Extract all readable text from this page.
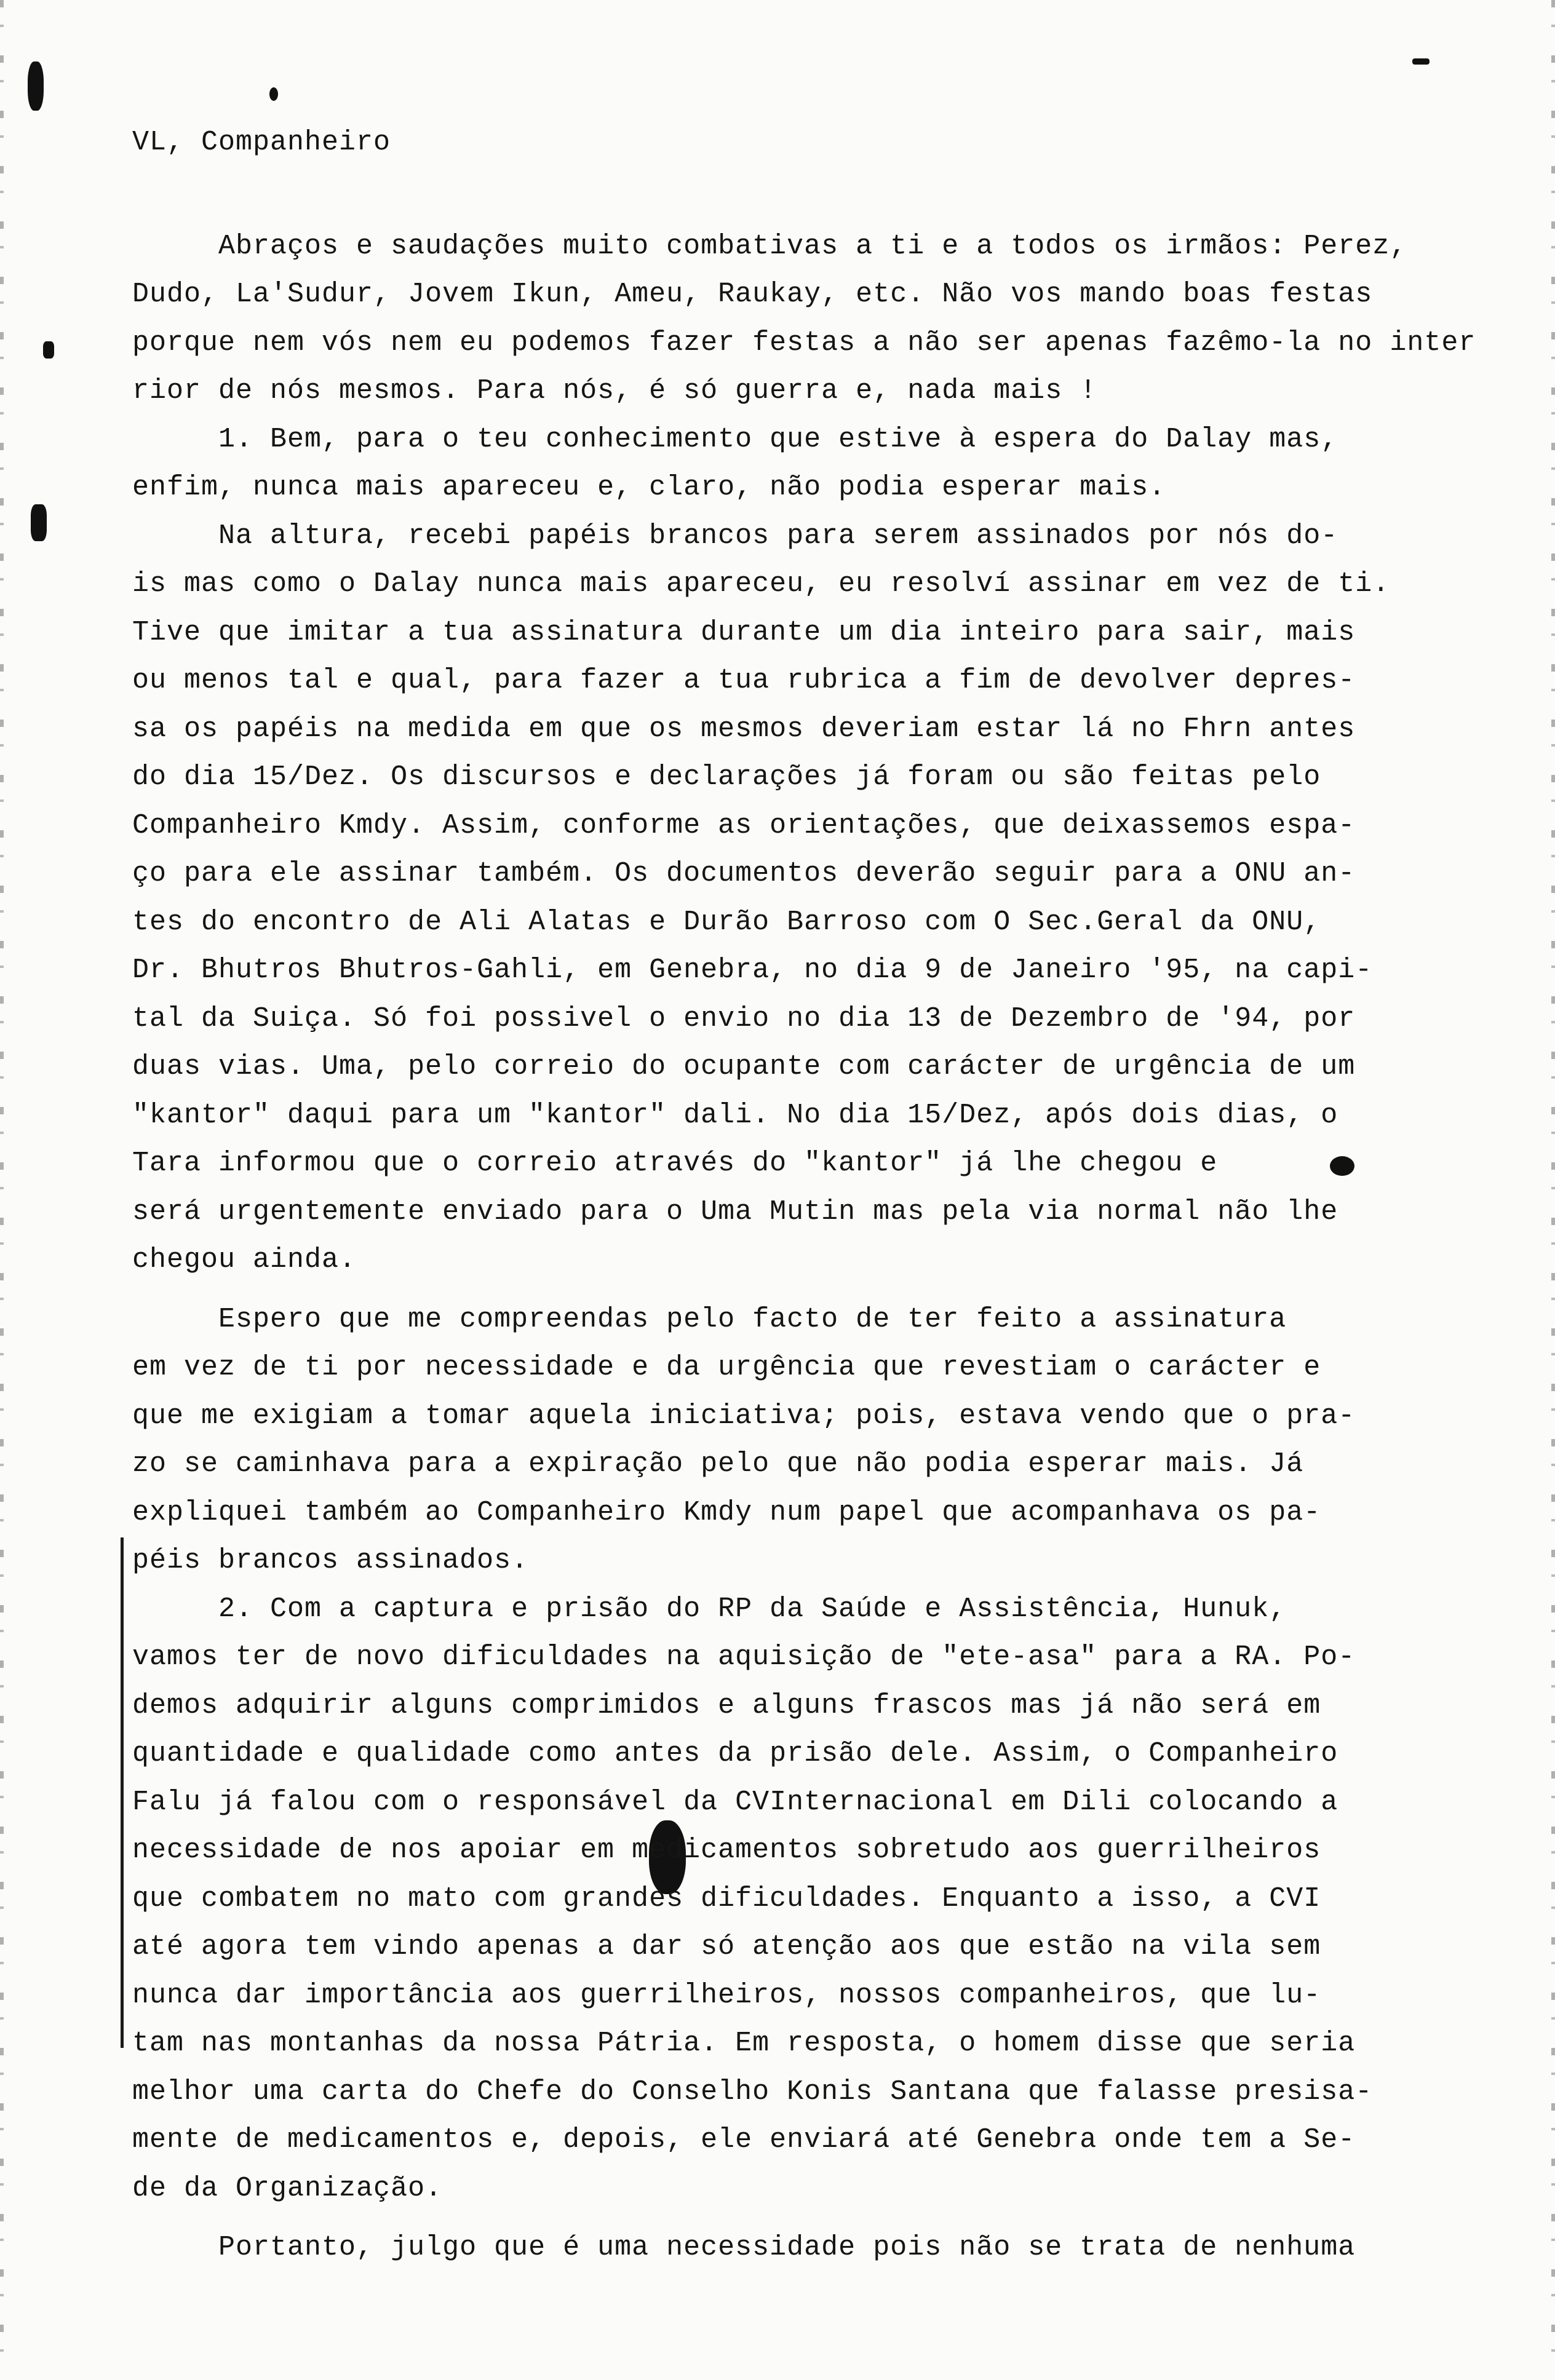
VL, Companheiro
Abraços e saudações muito combativas a ti e a todos os irmãos: Perez,
Dudo, La'Sudur, Jovem Ikun, Ameu, Raukay, etc. Não vos mando boas festas
porque nem vós nem eu podemos fazer festas a não ser apenas fazêmo-la no inter
rior de nós mesmos. Para nós, é só guerra e, nada mais !
1. Bem, para o teu conhecimento que estive à espera do Dalay mas,
enfim, nunca mais apareceu e, claro, não podia esperar mais.
Na altura, recebi papéis brancos para serem assinados por nós do-
is mas como o Dalay nunca mais apareceu, eu resolví assinar em vez de ti.
Tive que imitar a tua assinatura durante um dia inteiro para sair, mais
ou menos tal e qual, para fazer a tua rubrica a fim de devolver depres-
sa os papéis na medida em que os mesmos deveriam estar lá no Fhrn antes
do dia 15/Dez. Os discursos e declarações já foram ou são feitas pelo
Companheiro Kmdy. Assim, conforme as orientações, que deixassemos espa-
ço para ele assinar também. Os documentos deverão seguir para a ONU an-
tes do encontro de Ali Alatas e Durão Barroso com O Sec.Geral da ONU,
Dr. Bhutros Bhutros-Gahli, em Genebra, no dia 9 de Janeiro '95, na capi-
tal da Suiça. Só foi possivel o envio no dia 13 de Dezembro de '94, por
duas vias. Uma, pelo correio do ocupante com carácter de urgência de um
"kantor" daqui para um "kantor" dali. No dia 15/Dez, após dois dias, o
Tara informou que o correio através do "kantor" já lhe chegou e
será urgentemente enviado para o Uma Mutin mas pela via normal não lhe
chegou ainda.
Espero que me compreendas pelo facto de ter feito a assinatura
em vez de ti por necessidade e da urgência que revestiam o carácter e
que me exigiam a tomar aquela iniciativa; pois, estava vendo que o pra-
zo se caminhava para a expiração pelo que não podia esperar mais. Já
expliquei também ao Companheiro Kmdy num papel que acompanhava os pa-
péis brancos assinados.
2. Com a captura e prisão do RP da Saúde e Assistência, Hunuk,
vamos ter de novo dificuldades na aquisição de "ete-asa" para a RA. Po-
demos adquirir alguns comprimidos e alguns frascos mas já não será em
quantidade e qualidade como antes da prisão dele. Assim, o Companheiro
Falu já falou com o responsável da CVInternacional em Dili colocando a
necessidade de nos apoiar em medicamentos sobretudo aos guerrilheiros
que combatem no mato com grandes dificuldades. Enquanto a isso, a CVI
até agora tem vindo apenas a dar só atenção aos que estão na vila sem
nunca dar importância aos guerrilheiros, nossos companheiros, que lu-
tam nas montanhas da nossa Pátria. Em resposta, o homem disse que seria
melhor uma carta do Chefe do Conselho Konis Santana que falasse presisa-
mente de medicamentos e, depois, ele enviará até Genebra onde tem a Se-
de da Organização.
Portanto, julgo que é uma necessidade pois não se trata de nenhuma
